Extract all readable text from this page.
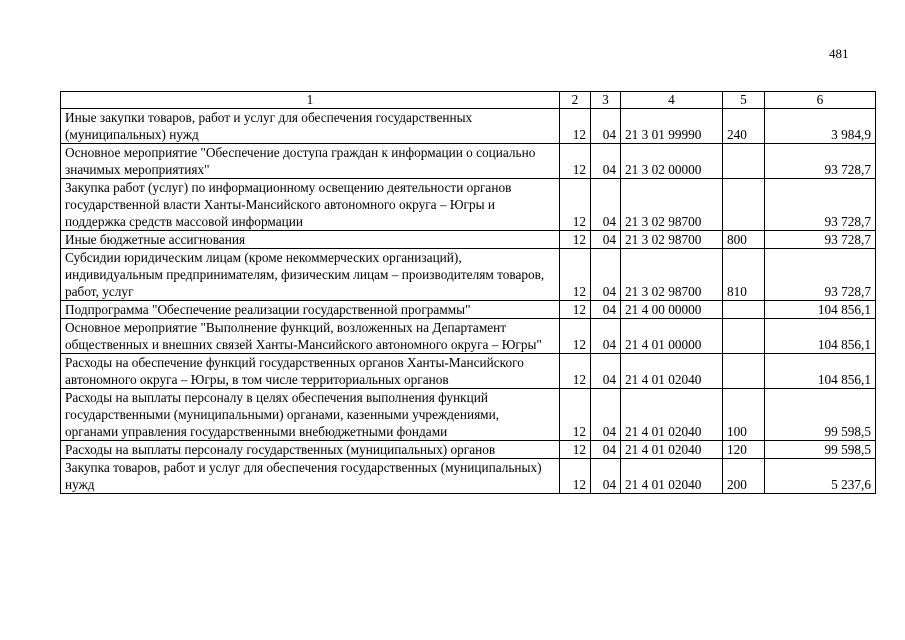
481
1	2	3	4	5	6
Иные закупки товаров, работ и услуг для обеспечения государственных (муниципальных) нужд	12	04	21 3 01 99990	240	3 984,9
Основное мероприятие "Обеспечение доступа граждан к информации о социально значимых мероприятиях"	12	04	21 3 02 00000		93 728,7
Закупка работ (услуг) по информационному освещению деятельности органов государственной власти Ханты-Мансийского автономного округа – Югры и поддержка средств массовой информации	12	04	21 3 02 98700		93 728,7
Иные бюджетные ассигнования	12	04	21 3 02 98700	800	93 728,7
Субсидии юридическим лицам (кроме некоммерческих организаций), индивидуальным предпринимателям, физическим лицам – производителям товаров, работ, услуг	12	04	21 3 02 98700	810	93 728,7
Подпрограмма "Обеспечение реализации государственной программы"	12	04	21 4 00 00000		104 856,1
Основное мероприятие "Выполнение функций, возложенных на Департамент общественных и внешних связей Ханты-Мансийского автономного округа – Югры"	12	04	21 4 01 00000		104 856,1
Расходы на обеспечение функций государственных органов Ханты-Мансийского автономного округа – Югры, в том числе территориальных органов	12	04	21 4 01 02040		104 856,1
Расходы на выплаты персоналу в целях обеспечения выполнения функций государственными (муниципальными) органами, казенными учреждениями, органами управления государственными внебюджетными фондами	12	04	21 4 01 02040	100	99 598,5
Расходы на выплаты персоналу государственных (муниципальных) органов	12	04	21 4 01 02040	120	99 598,5
Закупка товаров, работ и услуг для обеспечения государственных (муниципальных) нужд	12	04	21 4 01 02040	200	5 237,6
